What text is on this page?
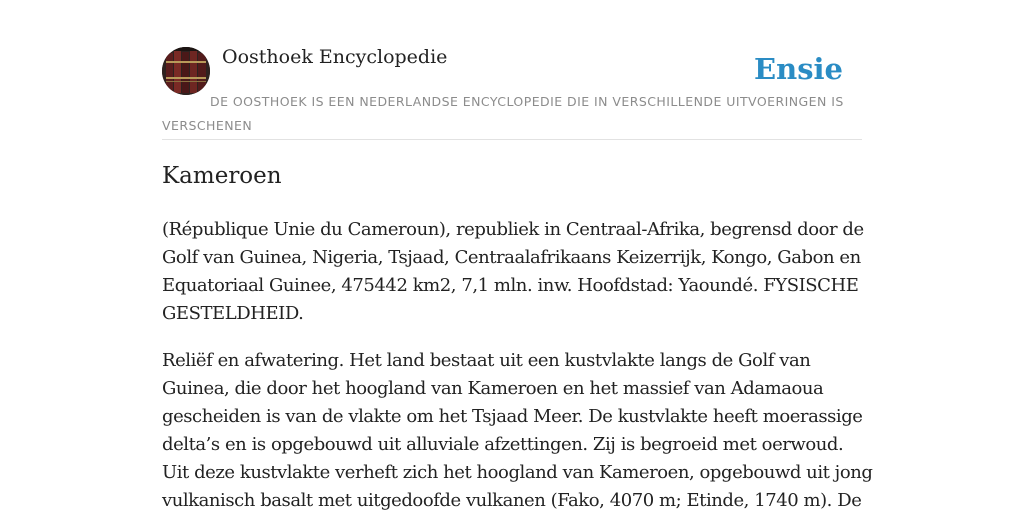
Oosthoek Encyclopedie	Ensie
DE OOSTHOEK IS EEN NEDERLANDSE ENCYCLOPEDIE DIE IN VERSCHILLENDE UITVOERINGEN IS VERSCHENEN
Kameroen

(République Unie du Cameroun), republiek in Centraal-Afrika, begrensd door de
Golf van Guinea, Nigeria, Tsjaad, Centraalafrikaans Keizerrijk, Kongo, Gabon en
Equatoriaal Guinee, 475442 km2, 7,1 mln. inw. Hoofdstad: Yaoundé. FYSISCHE
GESTELDHEID.

Reliëf en afwatering. Het land bestaat uit een kustvlakte langs de Golf van
Guinea, die door het hoogland van Kameroen en het massief van Adamaoua
gescheiden is van de vlakte om het Tsjaad Meer. De kustvlakte heeft moerassige
delta’s en is opgebouwd uit alluviale afzettingen. Zij is begroeid met oerwoud.
Uit deze kustvlakte verheft zich het hoogland van Kameroen, opgebouwd uit jong
vulkanisch basalt met uitgedoofde vulkanen (Fako, 4070 m; Etinde, 1740 m). De
